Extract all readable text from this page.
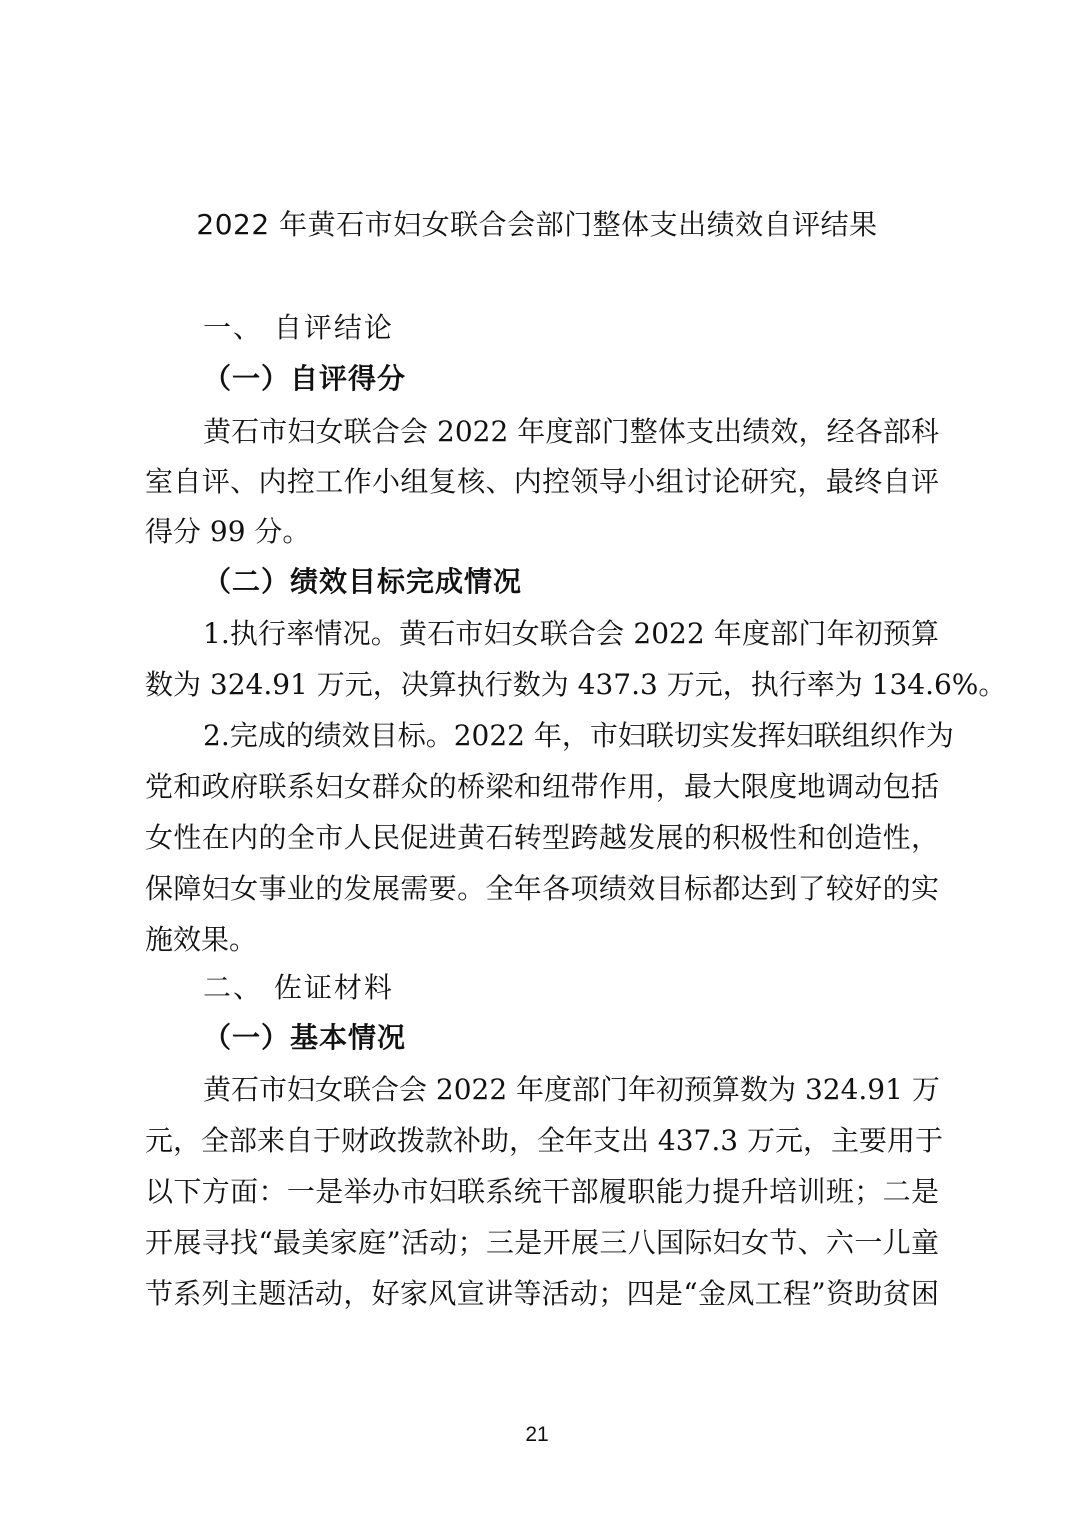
2022 年黄石市妇女联合会部门整体支出绩效自评结果
一、 自评结论
（一）自评得分
黄石市妇女联合会 2022 年度部门整体支出绩效，经各部科
室自评、内控工作小组复核、内控领导小组讨论研究，最终自评
得分 99 分。
（二）绩效目标完成情况
1.执行率情况。黄石市妇女联合会 2022 年度部门年初预算
数为 324.91 万元，决算执行数为 437.3 万元，执行率为 134.6%。
2.完成的绩效目标。2022 年，市妇联切实发挥妇联组织作为
党和政府联系妇女群众的桥梁和纽带作用，最大限度地调动包括
女性在内的全市人民促进黄石转型跨越发展的积极性和创造性，
保障妇女事业的发展需要。全年各项绩效目标都达到了较好的实
施效果。
二、 佐证材料
（一）基本情况
黄石市妇女联合会 2022 年度部门年初预算数为 324.91 万
元，全部来自于财政拨款补助，全年支出 437.3 万元，主要用于
以下方面：一是举办市妇联系统干部履职能力提升培训班；二是
开展寻找“最美家庭”活动；三是开展三八国际妇女节、六一儿童
节系列主题活动，好家风宣讲等活动；四是“金凤工程”资助贫困
21
